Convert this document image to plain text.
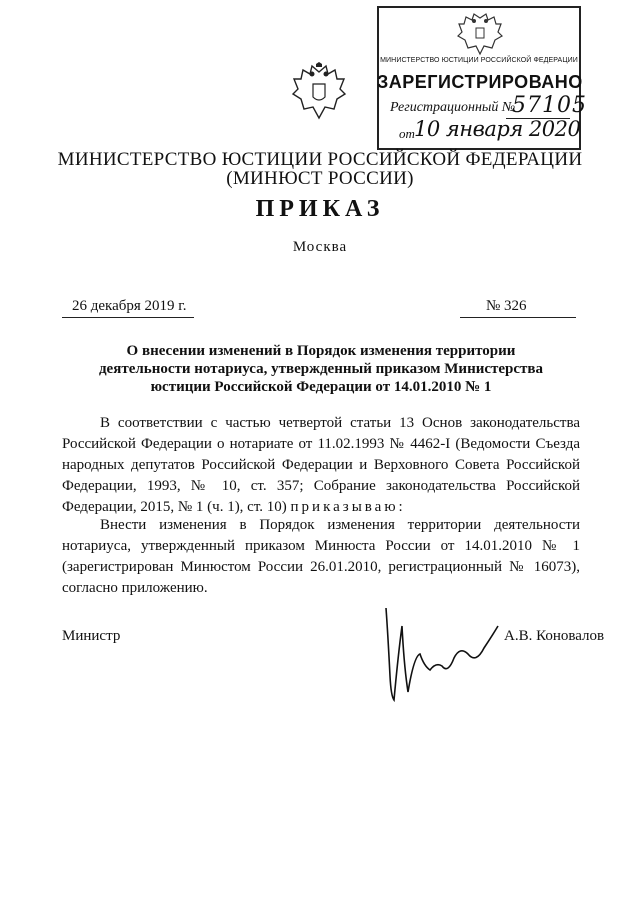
МИНИСТЕРСТВО ЮСТИЦИИ РОССИЙСКОЙ ФЕДЕРАЦИИ
ЗАРЕГИСТРИРОВАНО
Регистрационный №
57105
от 10 января 2020
МИНИСТЕРСТВО ЮСТИЦИИ РОССИЙСКОЙ ФЕДЕРАЦИИ
(МИНЮСТ РОССИИ)
ПРИКАЗ
Москва
26 декабря 2019 г.	№ 326
О внесении изменений в Порядок изменения территории деятельности нотариуса, утвержденный приказом Министерства юстиции Российской Федерации от 14.01.2010 № 1
В соответствии с частью четвертой статьи 13 Основ законодательства Российской Федерации о нотариате от 11.02.1993 № 4462-I (Ведомости Съезда народных депутатов Российской Федерации и Верховного Совета Российской Федерации, 1993, № 10, ст. 357; Собрание законодательства Российской Федерации, 2015, № 1 (ч. 1), ст. 10) приказываю:
Внести изменения в Порядок изменения территории деятельности нотариуса, утвержденный приказом Минюста России от 14.01.2010 № 1 (зарегистрирован Минюстом России 26.01.2010, регистрационный № 16073), согласно приложению.
Министр	А.В. Коновалов
